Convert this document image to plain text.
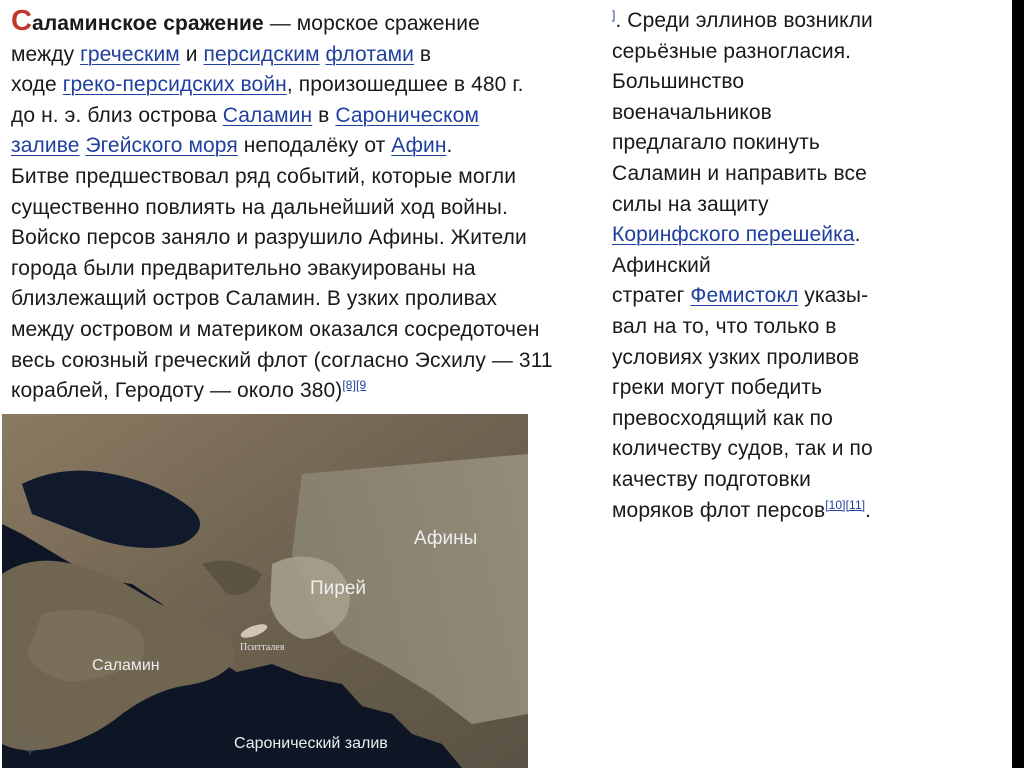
Саламинское сражение — морское сражение
между греческим и персидским флотами в
ходе греко-персидских войн, произошедшее в 480 г.
до н. э. близ острова Саламин в Сароническом
заливе Эгейского моря неподалёку от Афин.
Битве предшествовал ряд событий, которые могли
существенно повлиять на дальнейший ход войны.
Войско персов заняло и разрушило Афины. Жители
города были предварительно эвакуированы на
близлежащий остров Саламин. В узких проливах
между островом и материком оказался сосредоточен
весь союзный греческий флот (согласно Эсхилу — 311
кораблей, Геродоту — около 380)$^{[8][9}$
]. Среди эллинов возникли
серьёзные разногласия.
Большинство
военачальников
предлагало покинуть
Саламин и направить все
силы на защиту
Коринфского перешейка.
Афинский
стратег Фемистокл указы-
вал на то, что только в
условиях узких проливов
греки могут победить
превосходящий как по
количеству судов, так и по
качеству подготовки
моряков флот персов[10][11].
Афины
Пирей
Саламин
Пситталея
Саронический залив
